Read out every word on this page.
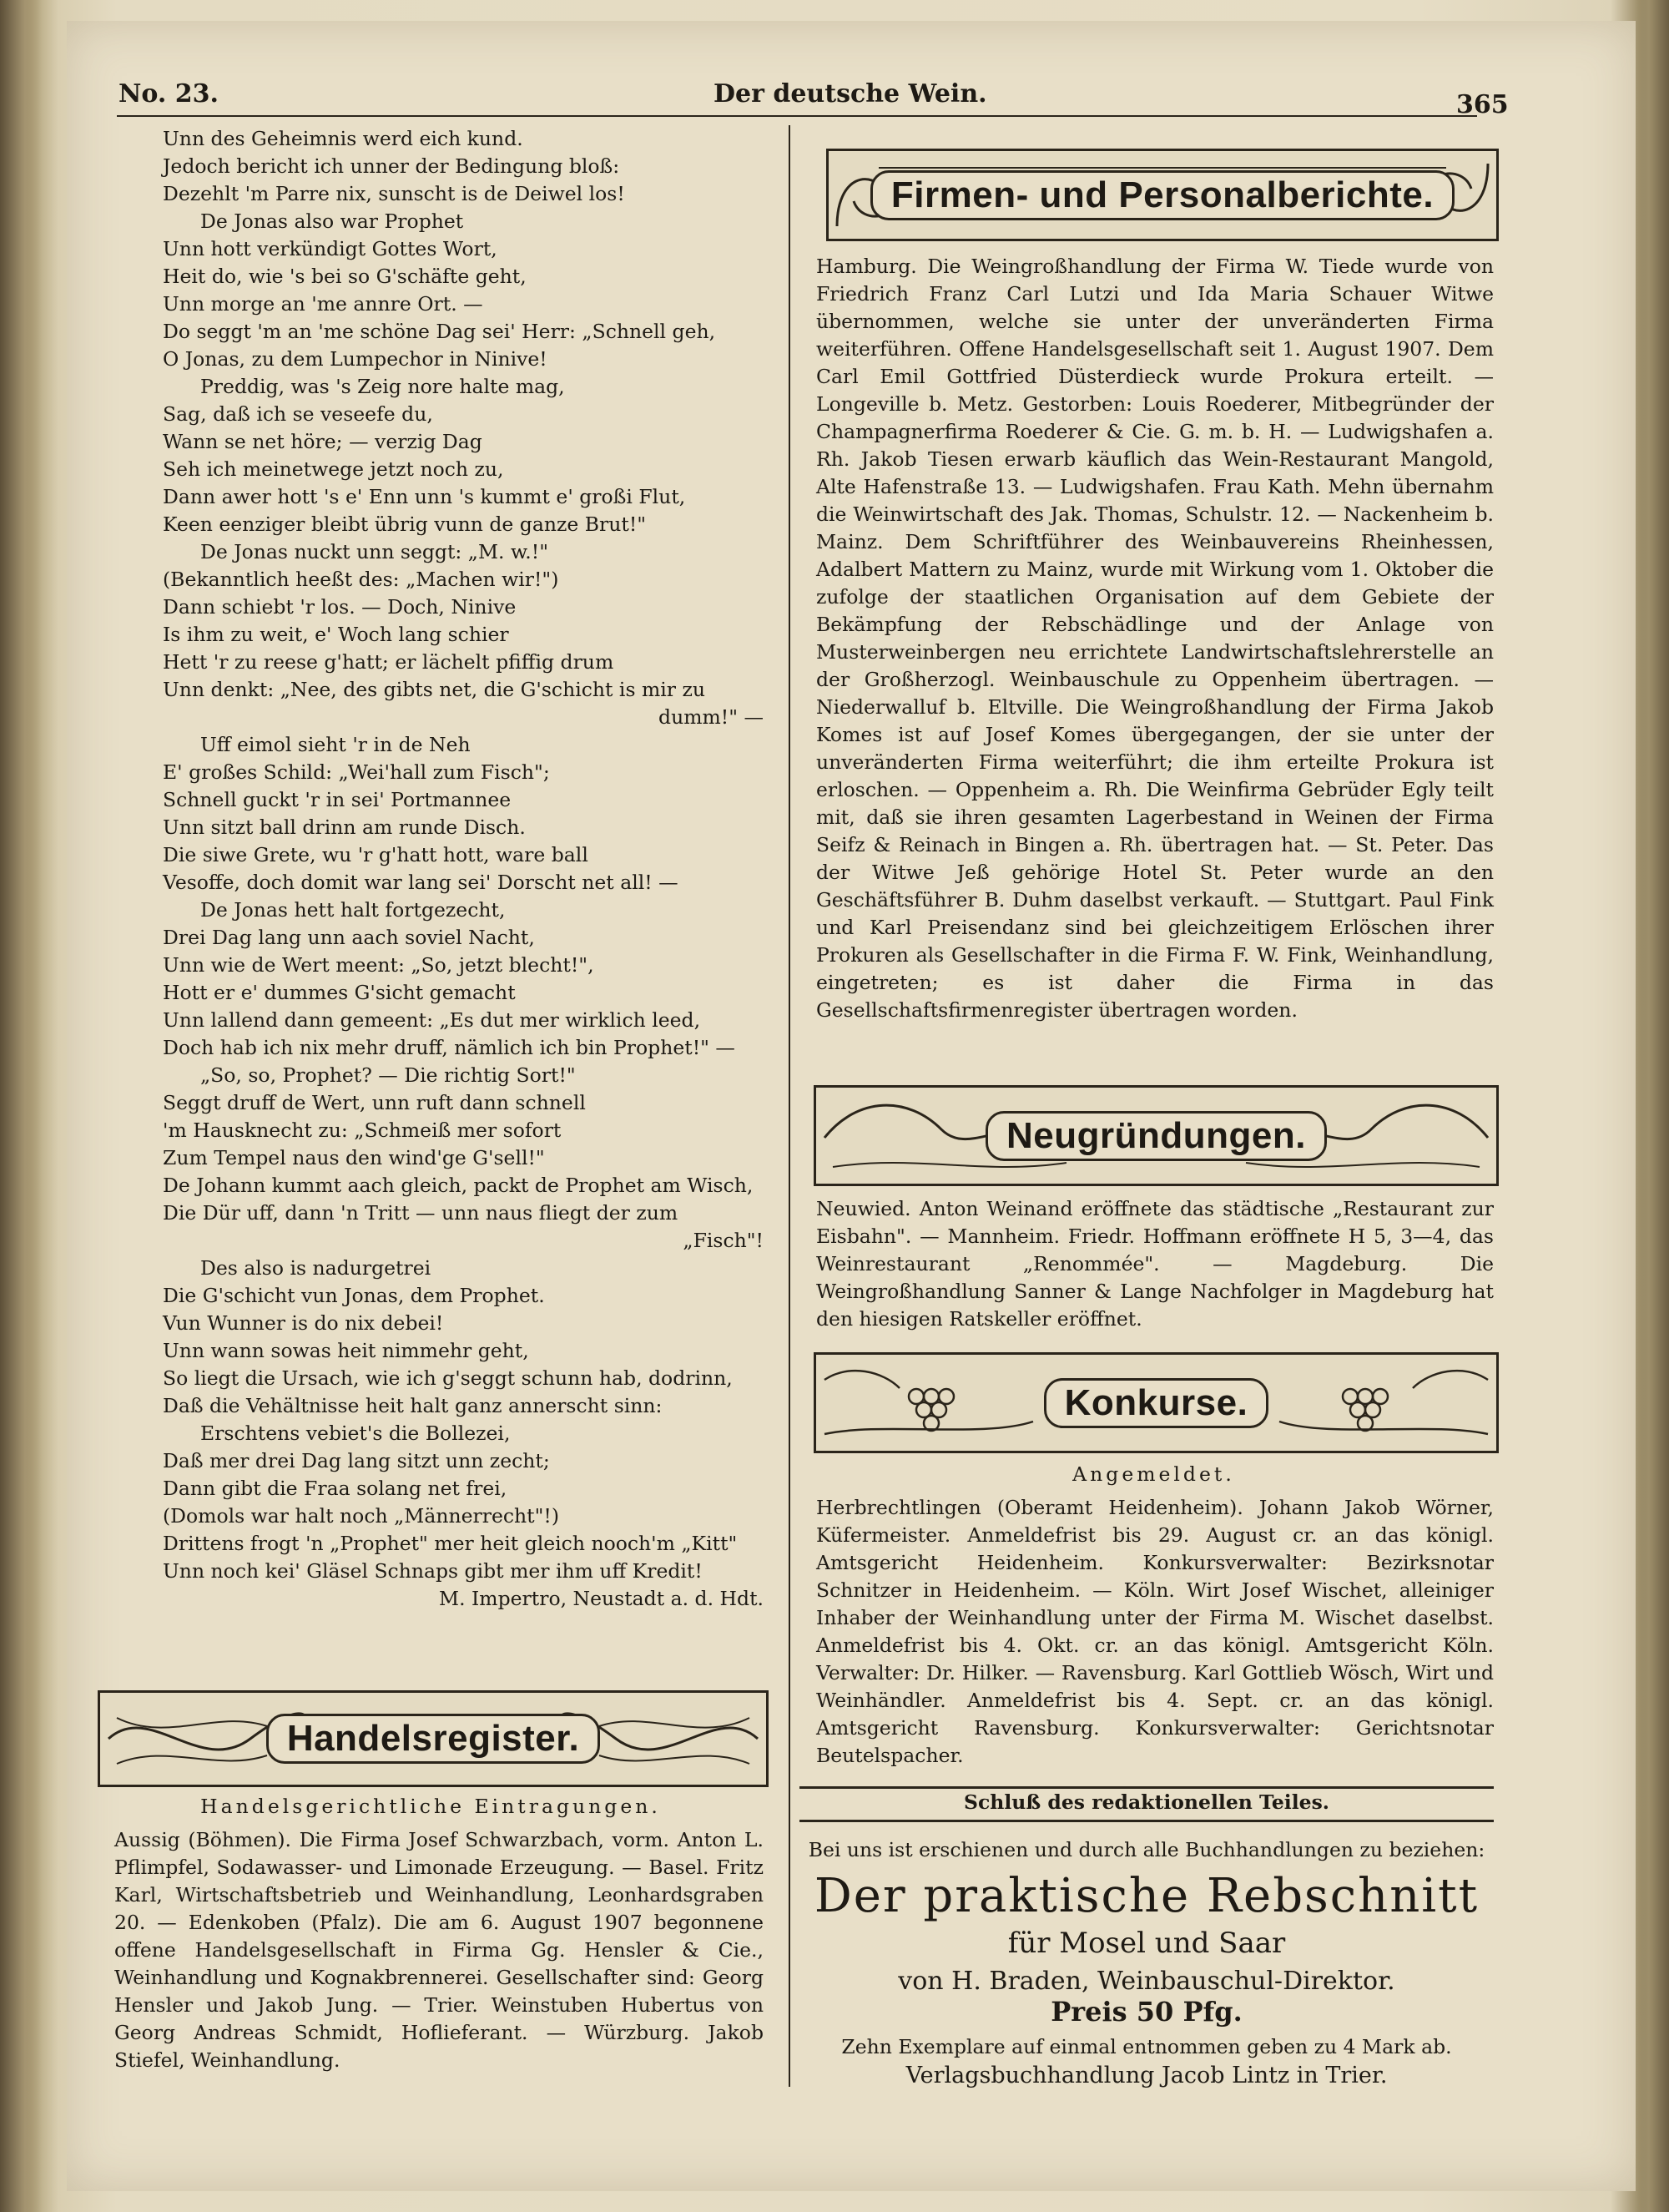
No. 23.	Der deutsche Wein.	365
Unn des Geheimnis werd eich kund.
Jedoch bericht ich unner der Bedingung bloß:
Dezehlt 'm Parre nix, sunscht is de Deiwel los!
De Jonas also war Prophet
Unn hott verkündigt Gottes Wort,
Heit do, wie 's bei so G'schäfte geht,
Unn morge an 'me annre Ort. —
Do seggt 'm an 'me schöne Dag sei' Herr: „Schnell geh,
O Jonas, zu dem Lumpechor in Ninive!
Preddig, was 's Zeig nore halte mag,
Sag, daß ich se veseefe du,
Wann se net höre; — verzig Dag
Seh ich meinetwege jetzt noch zu,
Dann awer hott 's e' Enn unn 's kummt e' großi Flut,
Keen eenziger bleibt übrig vunn de ganze Brut!"
De Jonas nuckt unn seggt: „M. w.!"
(Bekanntlich heeßt des: „Machen wir!")
Dann schiebt 'r los. — Doch, Ninive
Is ihm zu weit, e' Woch lang schier
Hett 'r zu reese g'hatt; er lächelt pfiffig drum
Unn denkt: „Nee, des gibts net, die G'schicht is mir zu
dumm!" —
Uff eimol sieht 'r in de Neh
E' großes Schild: „Wei'hall zum Fisch";
Schnell guckt 'r in sei' Portmannee
Unn sitzt ball drinn am runde Disch.
Die siwe Grete, wu 'r g'hatt hott, ware ball
Vesoffe, doch domit war lang sei' Dorscht net all! —
De Jonas hett halt fortgezecht,
Drei Dag lang unn aach soviel Nacht,
Unn wie de Wert meent: „So, jetzt blecht!",
Hott er e' dummes G'sicht gemacht
Unn lallend dann gemeent: „Es dut mer wirklich leed,
Doch hab ich nix mehr druff, nämlich ich bin Prophet!" —
„So, so, Prophet? — Die richtig Sort!"
Seggt druff de Wert, unn ruft dann schnell
'm Hausknecht zu: „Schmeiß mer sofort
Zum Tempel naus den wind'ge G'sell!"
De Johann kummt aach gleich, packt de Prophet am Wisch,
Die Dür uff, dann 'n Tritt — unn naus fliegt der zum
„Fisch"!
Des also is nadurgetrei
Die G'schicht vun Jonas, dem Prophet.
Vun Wunner is do nix debei!
Unn wann sowas heit nimmehr geht,
So liegt die Ursach, wie ich g'seggt schunn hab, dodrinn,
Daß die Vehältnisse heit halt ganz annerscht sinn:
Erschtens vebiet's die Bollezei,
Daß mer drei Dag lang sitzt unn zecht;
Dann gibt die Fraa solang net frei,
(Domols war halt noch „Männerrecht"!)
Drittens frogt 'n „Prophet" mer heit gleich nooch'm „Kitt"
Unn noch kei' Gläsel Schnaps gibt mer ihm uff Kredit!
M. Impertro, Neustadt a. d. Hdt.
Handelsregister.
Handelsgerichtliche Eintragungen.
Aussig (Böhmen). Die Firma Josef Schwarzbach, vorm. Anton L. Pflimpfel, Sodawasser- und Limonade Erzeugung. — Basel. Fritz Karl, Wirtschaftsbetrieb und Weinhandlung, Leonhardsgraben 20. — Edenkoben (Pfalz). Die am 6. August 1907 begonnene offene Handelsgesellschaft in Firma Gg. Hensler & Cie., Weinhandlung und Kognakbrennerei. Gesellschafter sind: Georg Hensler und Jakob Jung. — Trier. Weinstuben Hubertus von Georg Andreas Schmidt, Hoflieferant. — Würzburg. Jakob Stiefel, Weinhandlung.
Firmen- und Personalberichte.
Hamburg. Die Weingroßhandlung der Firma W. Tiede wurde von Friedrich Franz Carl Lutzi und Ida Maria Schauer Witwe übernommen, welche sie unter der unveränderten Firma weiterführen. Offene Handelsgesellschaft seit 1. August 1907. Dem Carl Emil Gottfried Düsterdieck wurde Prokura erteilt. — Longeville b. Metz. Gestorben: Louis Roederer, Mitbegründer der Champagnerfirma Roederer & Cie. G. m. b. H. — Ludwigshafen a. Rh. Jakob Tiesen erwarb käuflich das Wein-Restaurant Mangold, Alte Hafenstraße 13. — Ludwigshafen. Frau Kath. Mehn übernahm die Weinwirtschaft des Jak. Thomas, Schulstr. 12. — Nackenheim b. Mainz. Dem Schriftführer des Weinbauvereins Rheinhessen, Adalbert Mattern zu Mainz, wurde mit Wirkung vom 1. Oktober die zufolge der staatlichen Organisation auf dem Gebiete der Bekämpfung der Rebschädlinge und der Anlage von Musterweinbergen neu errichtete Landwirtschaftslehrerstelle an der Großherzogl. Weinbauschule zu Oppenheim übertragen. — Niederwalluf b. Eltville. Die Weingroßhandlung der Firma Jakob Komes ist auf Josef Komes übergegangen, der sie unter der unveränderten Firma weiterführt; die ihm erteilte Prokura ist erloschen. — Oppenheim a. Rh. Die Weinfirma Gebrüder Egly teilt mit, daß sie ihren gesamten Lagerbestand in Weinen der Firma Seifz & Reinach in Bingen a. Rh. übertragen hat. — St. Peter. Das der Witwe Jeß gehörige Hotel St. Peter wurde an den Geschäftsführer B. Duhm daselbst verkauft. — Stuttgart. Paul Fink und Karl Preisendanz sind bei gleichzeitigem Erlöschen ihrer Prokuren als Gesellschafter in die Firma F. W. Fink, Weinhandlung, eingetreten; es ist daher die Firma in das Gesellschaftsfirmenregister übertragen worden.
Neugründungen.
Neuwied. Anton Weinand eröffnete das städtische „Restaurant zur Eisbahn". — Mannheim. Friedr. Hoffmann eröffnete H 5, 3—4, das Weinrestaurant „Renommée". — Magdeburg. Die Weingroßhandlung Sanner & Lange Nachfolger in Magdeburg hat den hiesigen Ratskeller eröffnet.
Konkurse.
Angemeldet.
Herbrechtlingen (Oberamt Heidenheim). Johann Jakob Wörner, Küfermeister. Anmeldefrist bis 29. August cr. an das königl. Amtsgericht Heidenheim. Konkursverwalter: Bezirksnotar Schnitzer in Heidenheim. — Köln. Wirt Josef Wischet, alleiniger Inhaber der Weinhandlung unter der Firma M. Wischet daselbst. Anmeldefrist bis 4. Okt. cr. an das königl. Amtsgericht Köln. Verwalter: Dr. Hilker. — Ravensburg. Karl Gottlieb Wösch, Wirt und Weinhändler. Anmeldefrist bis 4. Sept. cr. an das königl. Amtsgericht Ravensburg. Konkursverwalter: Gerichtsnotar Beutelspacher.
Schluß des redaktionellen Teiles.
Bei uns ist erschienen und durch alle Buchhandlungen zu beziehen:
Der praktische Rebschnitt
für Mosel und Saar
von H. Braden, Weinbauschul-Direktor.
Preis 50 Pfg.
Zehn Exemplare auf einmal entnommen geben zu 4 Mark ab.
Verlagsbuchhandlung Jacob Lintz in Trier.
